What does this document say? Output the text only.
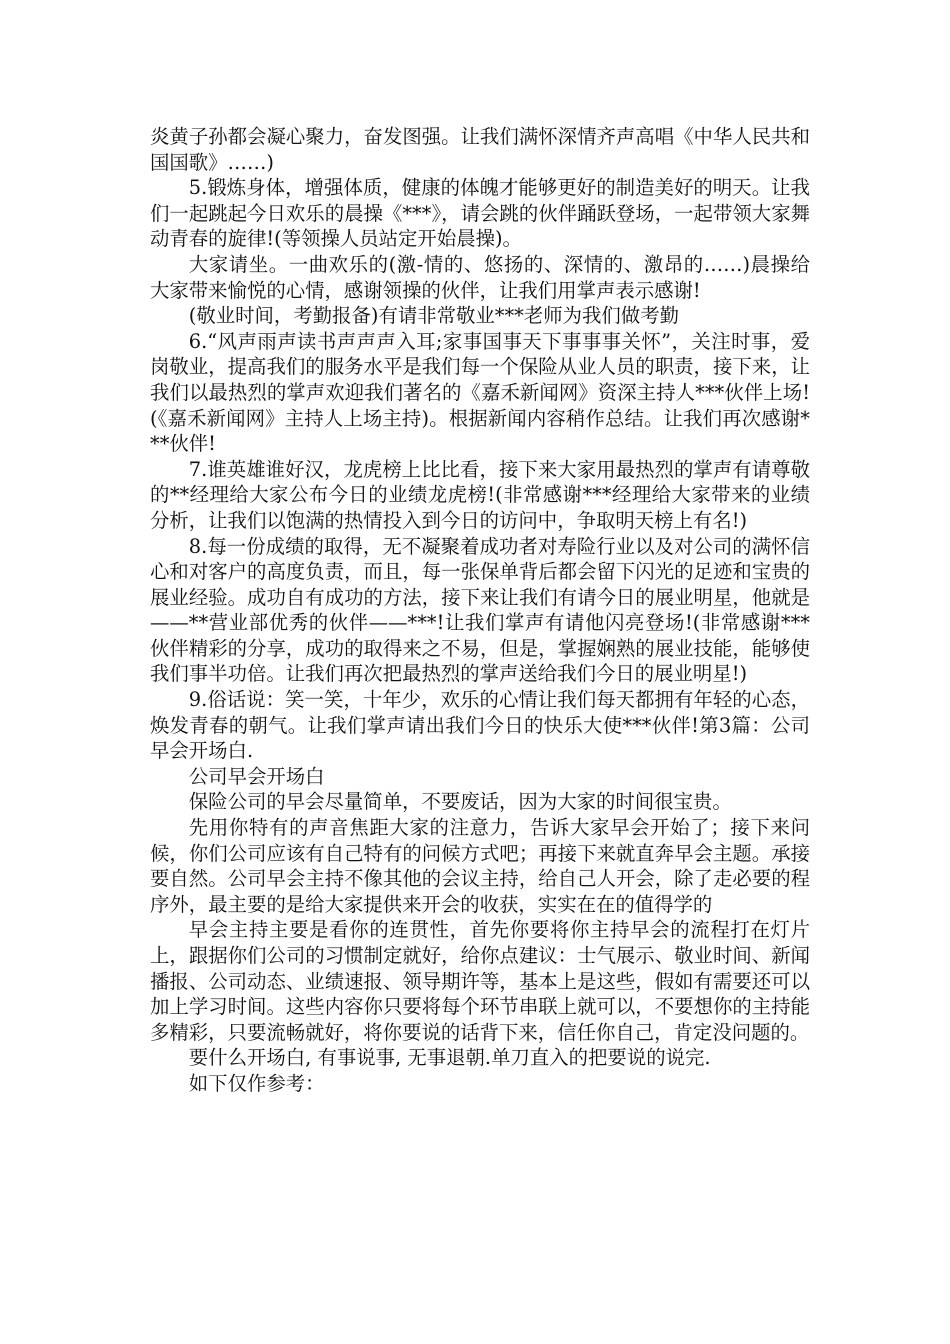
炎黄子孙都会凝心聚力，奋发图强。让我们满怀深情齐声高唱《中华人民共和国国歌》……)

5.锻炼身体，增强体质，健康的体魄才能够更好的制造美好的明天。让我们一起跳起今日欢乐的晨操《***》，请会跳的伙伴踊跃登场，一起带领大家舞动青春的旋律!(等领操人员站定开始晨操)。

大家请坐。一曲欢乐的(激-情的、悠扬的、深情的、激昂的……)晨操给大家带来愉悦的心情，感谢领操的伙伴，让我们用掌声表示感谢!

(敬业时间，考勤报备)有请非常敬业***老师为我们做考勤

6.“风声雨声读书声声声入耳;家事国事天下事事事关怀”，关注时事，爱岗敬业，提高我们的服务水平是我们每一个保险从业人员的职责，接下来，让我们以最热烈的掌声欢迎我们著名的《嘉禾新闻网》资深主持人***伙伴上场!(《嘉禾新闻网》主持人上场主持)。根据新闻内容稍作总结。让我们再次感谢***伙伴!

7.谁英雄谁好汉，龙虎榜上比比看，接下来大家用最热烈的掌声有请尊敬的**经理给大家公布今日的业绩龙虎榜!(非常感谢***经理给大家带来的业绩分析，让我们以饱满的热情投入到今日的访问中，争取明天榜上有名!)

8.每一份成绩的取得，无不凝聚着成功者对寿险行业以及对公司的满怀信心和对客户的高度负责，而且，每一张保单背后都会留下闪光的足迹和宝贵的展业经验。成功自有成功的方法，接下来让我们有请今日的展业明星，他就是——**营业部优秀的伙伴——***!让我们掌声有请他闪亮登场!(非常感谢***伙伴精彩的分享，成功的取得来之不易，但是，掌握娴熟的展业技能，能够使我们事半功倍。让我们再次把最热烈的掌声送给我们今日的展业明星!)

9.俗话说：笑一笑，十年少，欢乐的心情让我们每天都拥有年轻的心态，焕发青春的朝气。让我们掌声请出我们今日的快乐大使***伙伴!第3篇：公司早会开场白.

公司早会开场白

保险公司的早会尽量简单，不要废话，因为大家的时间很宝贵。

先用你特有的声音焦距大家的注意力，告诉大家早会开始了；接下来问候，你们公司应该有自己特有的问候方式吧；再接下来就直奔早会主题。承接要自然。公司早会主持不像其他的会议主持，给自己人开会，除了走必要的程序外，最主要的是给大家提供来开会的收获，实实在在的值得学的

早会主持主要是看你的连贯性，首先你要将你主持早会的流程打在灯片上，跟据你们公司的习惯制定就好，给你点建议：士气展示、敬业时间、新闻播报、公司动态、业绩速报、领导期许等，基本上是这些，假如有需要还可以加上学习时间。这些内容你只要将每个环节串联上就可以，不要想你的主持能多精彩，只要流畅就好，将你要说的话背下来，信任你自己，肯定没问题的。

要什么开场白, 有事说事, 无事退朝.单刀直入的把要说的说完.

如下仅作参考：
